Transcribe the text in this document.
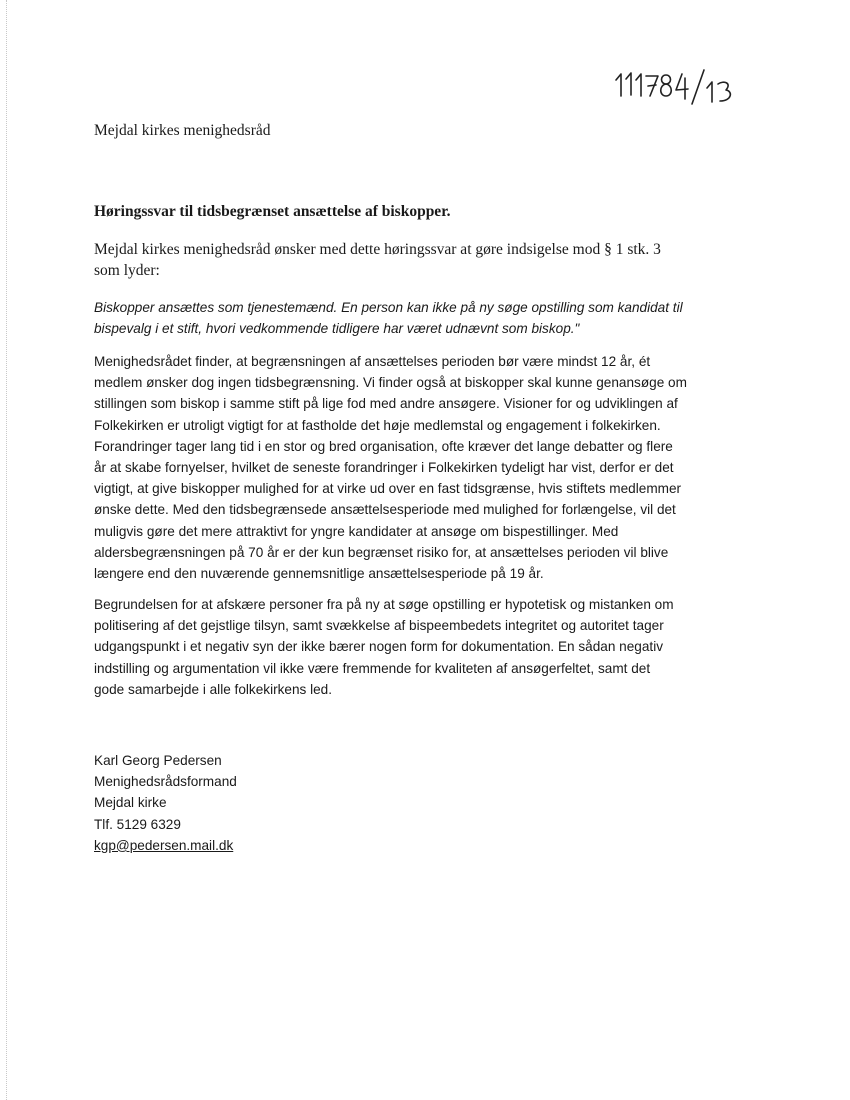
Mejdal kirkes menighedsråd
Høringssvar til tidsbegrænset ansættelse af biskopper.
Mejdal kirkes menighedsråd ønsker med dette høringssvar at gøre indsigelse mod § 1 stk. 3
som lyder:
Biskopper ansættes som tjenestemænd. En person kan ikke på ny søge opstilling som kandidat til
bispevalg i et stift, hvori vedkommende tidligere har været udnævnt som biskop."
Menighedsrådet finder, at begrænsningen af ansættelses perioden bør være mindst 12 år, ét
medlem ønsker dog ingen tidsbegrænsning. Vi finder også at biskopper skal kunne genansøge om
stillingen som biskop i samme stift på lige fod med andre ansøgere. Visioner for og udviklingen af
Folkekirken er utroligt vigtigt for at fastholde det høje medlemstal og engagement i folkekirken.
Forandringer tager lang tid i en stor og bred organisation, ofte kræver det lange debatter og flere
år at skabe fornyelser, hvilket de seneste forandringer i Folkekirken tydeligt har vist, derfor er det
vigtigt, at give biskopper mulighed for at virke ud over en fast tidsgrænse, hvis stiftets medlemmer
ønske dette. Med den tidsbegrænsede ansættelsesperiode med mulighed for forlængelse, vil det
muligvis gøre det mere attraktivt for yngre kandidater at ansøge om bispestillinger. Med
aldersbegrænsningen på 70 år er der kun begrænset risiko for, at ansættelses perioden vil blive
længere end den nuværende gennemsnitlige ansættelsesperiode på 19 år.
Begrundelsen for at afskære personer fra på ny at søge opstilling er hypotetisk og mistanken om
politisering af det gejstlige tilsyn, samt svækkelse af bispeembedets integritet og autoritet tager
udgangspunkt i et negativ syn der ikke bærer nogen form for dokumentation. En sådan negativ
indstilling og argumentation vil ikke være fremmende for kvaliteten af ansøgerfeltet, samt det
gode samarbejde i alle folkekirkens led.
Karl Georg Pedersen
Menighedsrådsformand
Mejdal kirke
Tlf. 5129 6329
kgp@pedersen.mail.dk
